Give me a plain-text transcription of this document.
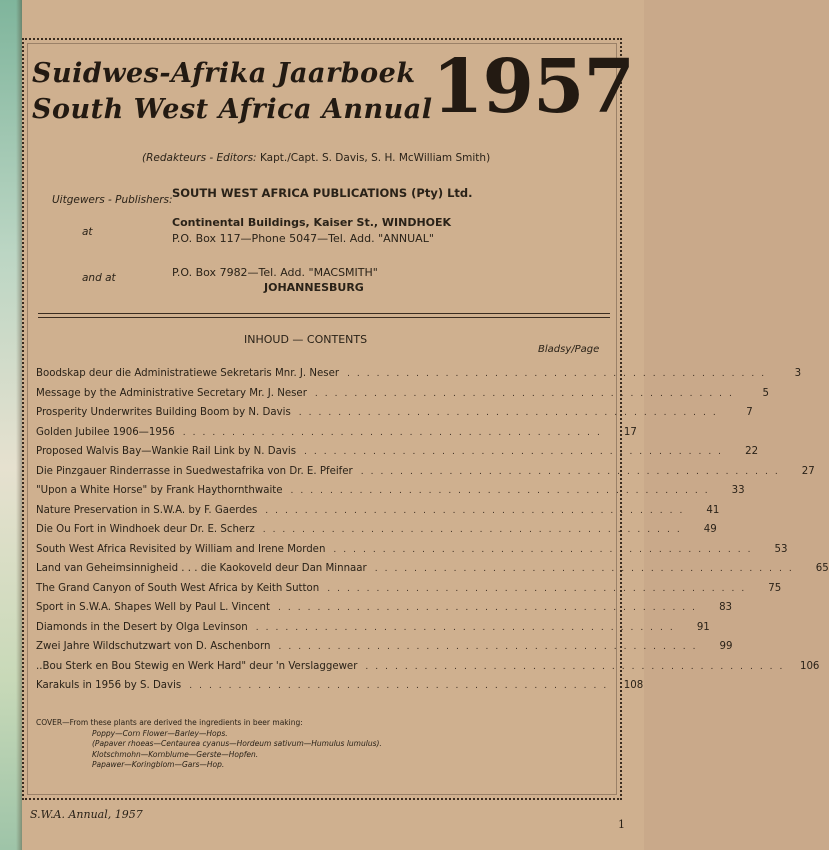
Suidwes-Afrika Jaarboek
South West Africa Annual 1957
(Redakteurs - Editors: Kapt./Capt. S. Davis, S. H. McWilliam Smith)
Uitgewers - Publishers: SOUTH WEST AFRICA PUBLICATIONS (Pty) Ltd.
at
Continental Buildings, Kaiser St., WINDHOEK
P.O. Box 117—Phone 5047—Tel. Add. "ANNUAL"
and at	P.O. Box 7982—Tel. Add. "MACSMITH"
JOHANNESBURG
INHOUD — CONTENTS
Bladsy/Page
Boodskap deur die Administratiewe Sekretaris Mnr. J. Neser ...........................................	3
Message by the Administrative Secretary Mr. J. Neser ...........................................	5
Prosperity Underwrites Building Boom by N. Davis ...........................................	7
Golden Jubilee 1906—1956 ...........................................	17
Proposed Walvis Bay—Wankie Rail Link by N. Davis ...........................................	22
Die Pinzgauer Rinderrasse in Suedwestafrika von Dr. E. Pfeifer ...........................................	27
"Upon a White Horse" by Frank Haythornthwaite ...........................................	33
Nature Preservation in S.W.A. by F. Gaerdes ...........................................	41
Die Ou Fort in Windhoek deur Dr. E. Scherz ...........................................	49
South West Africa Revisited by William and Irene Morden ...........................................	53
Land van Geheimsinnigheid . . . die Kaokoveld deur Dan Minnaar ...........................................	65
The Grand Canyon of South West Africa by Keith Sutton ...........................................	75
Sport in S.W.A. Shapes Well by Paul L. Vincent ...........................................	83
Diamonds in the Desert by Olga Levinson ...........................................	91
Zwei Jahre Wildschutzwart von D. Aschenborn ...........................................	99
..Bou Sterk en Bou Stewig en Werk Hard" deur 'n Verslaggewer ...........................................	106
Karakuls in 1956 by S. Davis ...........................................	108
COVER—From these plants are derived the ingredients in beer making:
Poppy—Corn Flower—Barley—Hops.
(Papaver rhoeas—Centaurea cyanus—Hordeum sativum—Humulus lumulus).
Klotschmohn—Kornblume—Gerste—Hopfen.
Papawer—Koringblom—Gars—Hop.
S.W.A. Annual, 1957
1
